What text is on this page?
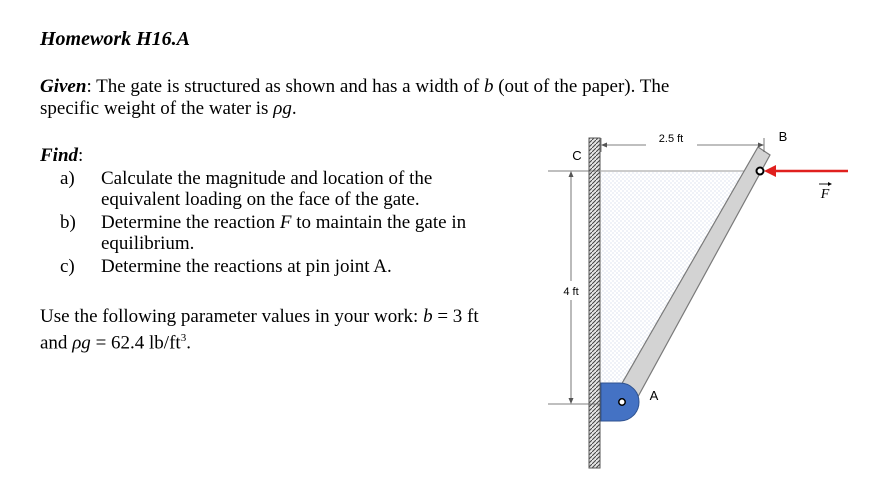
Homework H16.A
Given: The gate is structured as shown and has a width of b (out of the paper). The
specific weight of the water is ρg.
Find:
a) Calculate the magnitude and location of the
equivalent loading on the face of the gate.
b) Determine the reaction F to maintain the gate in
equilibrium.
c) Determine the reactions at pin joint A.
Use the following parameter values in your work: b = 3 ft
and ρg = 62.4 $lb/ft^3$.
2.5 ft
4 ft
C
B
A
F
